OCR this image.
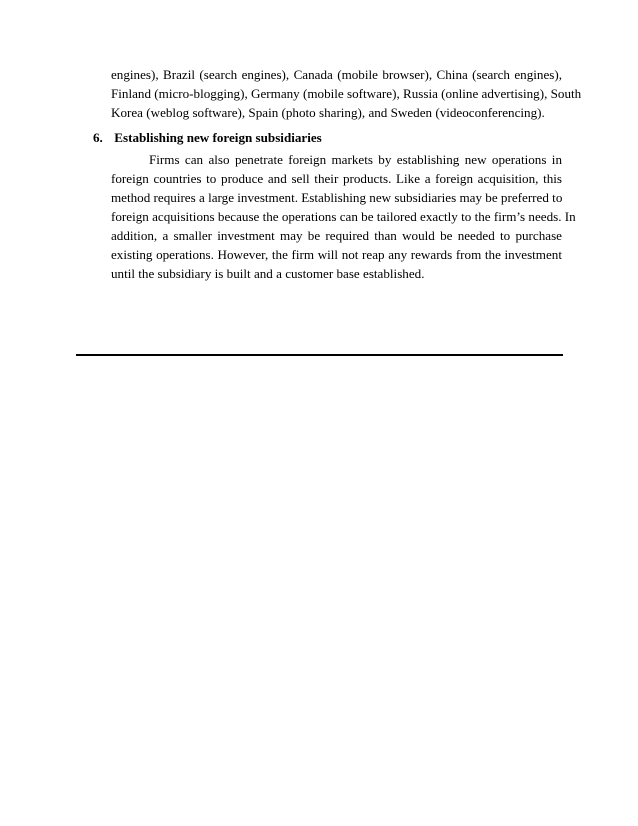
engines), Brazil (search engines), Canada (mobile browser), China (search engines),
Finland (micro-blogging), Germany (mobile software), Russia (online advertising), South
Korea (weblog software), Spain (photo sharing), and Sweden (videoconferencing).
6. Establishing new foreign subsidiaries
Firms can also penetrate foreign markets by establishing new operations in
foreign countries to produce and sell their products. Like a foreign acquisition, this
method requires a large investment. Establishing new subsidiaries may be preferred to
foreign acquisitions because the operations can be tailored exactly to the firm’s needs. In
addition, a smaller investment may be required than would be needed to purchase
existing operations. However, the firm will not reap any rewards from the investment
until the subsidiary is built and a customer base established.
